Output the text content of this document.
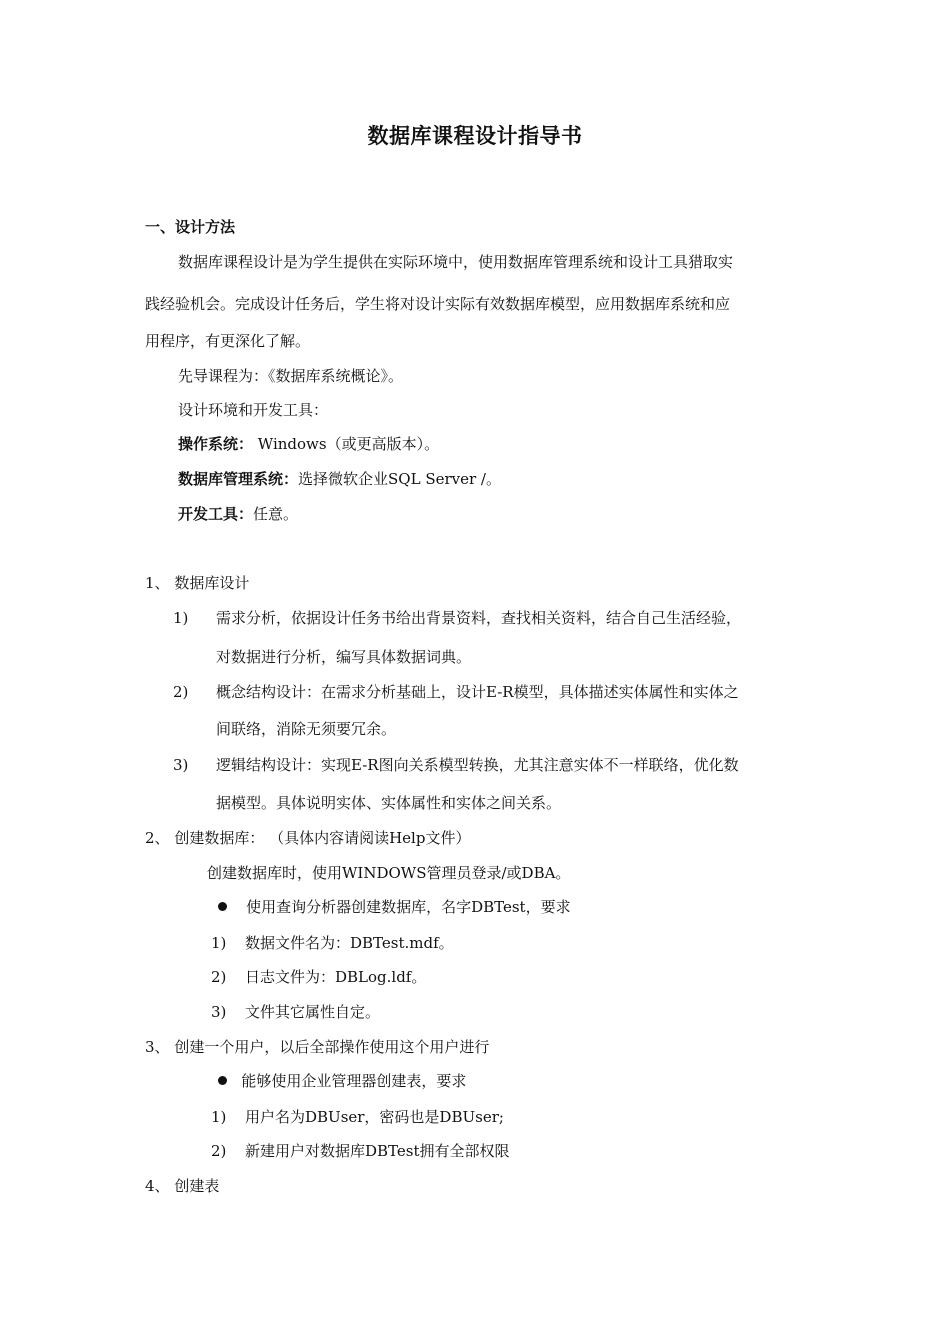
数据库课程设计指导书
一、设计方法
数据库课程设计是为学生提供在实际环境中，使用数据库管理系统和设计工具猎取实
践经验机会。完成设计任务后，学生将对设计实际有效数据库模型，应用数据库系统和应
用程序，有更深化了解。
先导课程为：《数据库系统概论》。
设计环境和开发工具：
操作系统： Windows（或更高版本）。
数据库管理系统：选择微软企业SQL Server /。
开发工具：任意。
1、 数据库设计
1) 需求分析，依据设计任务书给出背景资料，查找相关资料，结合自己生活经验，
对数据进行分析，编写具体数据词典。
2) 概念结构设计：在需求分析基础上，设计E-R模型，具体描述实体属性和实体之
间联络，消除无须要冗余。
3) 逻辑结构设计：实现E-R图向关系模型转换，尤其注意实体不一样联络，优化数
据模型。具体说明实体、实体属性和实体之间关系。
2、 创建数据库： （具体内容请阅读Help文件）
创建数据库时，使用WINDOWS管理员登录/或DBA。
使用查询分析器创建数据库，名字DBTest，要求
1) 数据文件名为：DBTest.mdf。
2) 日志文件为：DBLog.ldf。
3) 文件其它属性自定。
3、 创建一个用户，以后全部操作使用这个用户进行
能够使用企业管理器创建表，要求
1) 用户名为DBUser，密码也是DBUser;
2) 新建用户对数据库DBTest拥有全部权限
4、 创建表
